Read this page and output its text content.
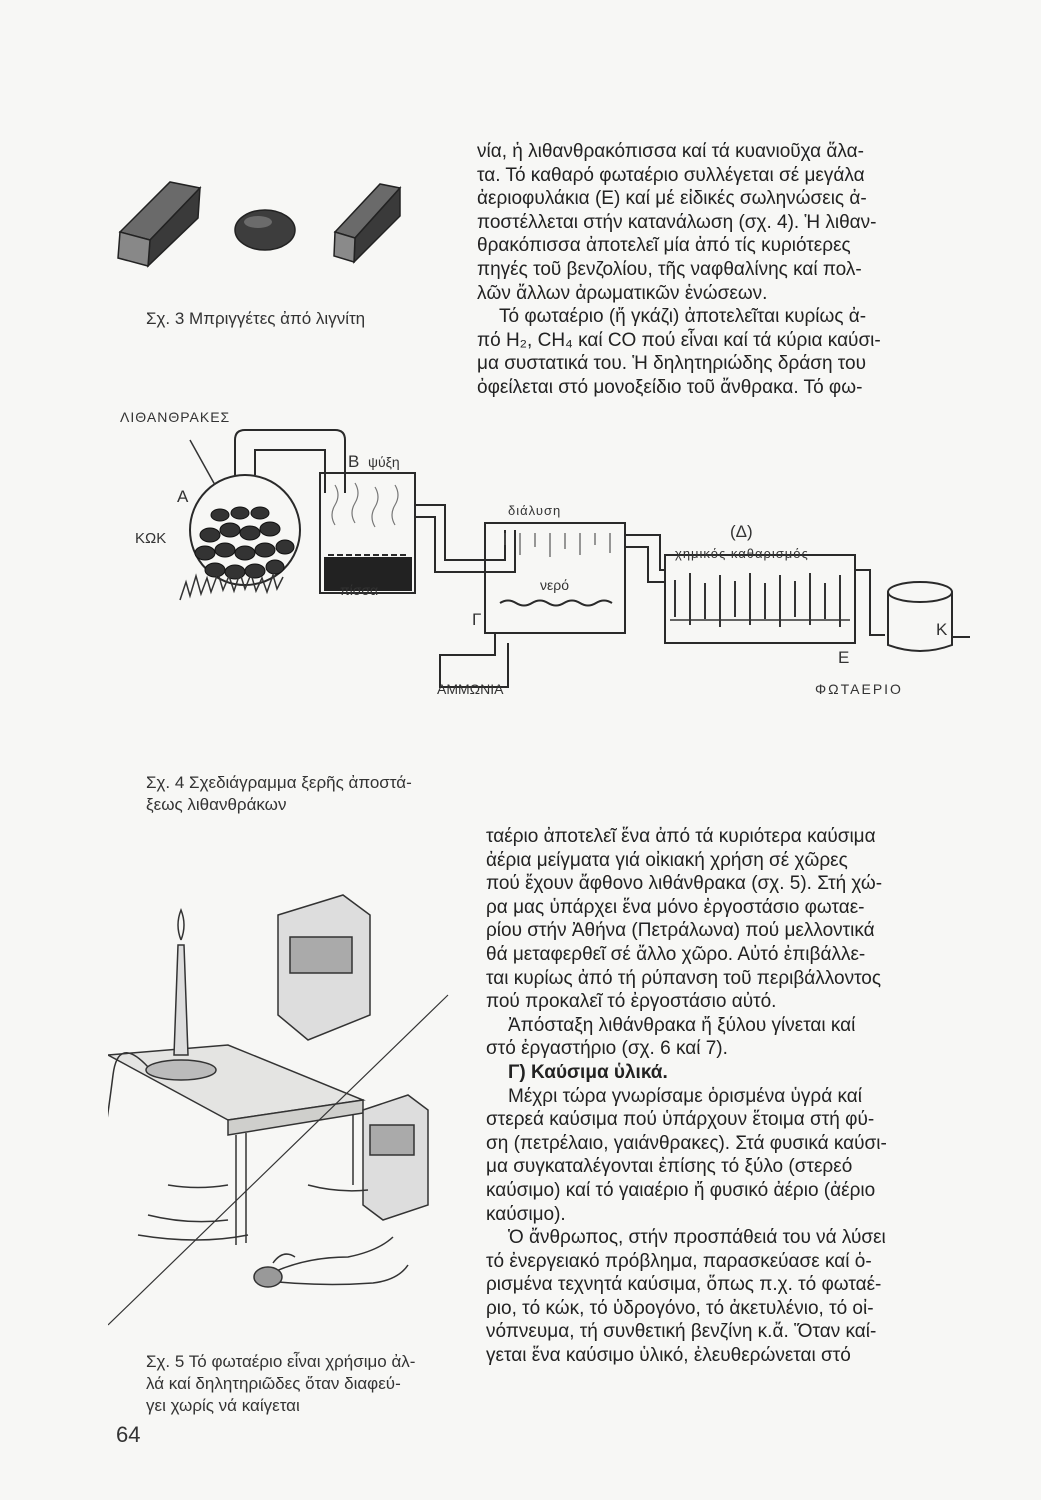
Σχ. 3 Μπριγγέτες ἀπό λιγνίτη
νία, ἡ λιθανθρακόπισσα καί τά κυανιοῦχα ἅλα-
τα. Τό καθαρό φωταέριο συλλέγεται σέ μεγάλα
ἀεριοφυλάκια (Ε) καί μέ εἰδικές σωληνώσεις ἀ-
ποστέλλεται στήν κατανάλωση (σχ. 4). Ἡ λιθαν-
θρακόπισσα ἀποτελεῖ μία ἀπό τίς κυριότερες
πηγές τοῦ βενζολίου, τῆς ναφθαλίνης καί πολ-
λῶν ἄλλων ἀρωματικῶν ἑνώσεων.
Τό φωταέριο (ἤ γκάζι) ἀποτελεῖται κυρίως ἀ-
πό H₂, CH₄ καί CO πού εἶναι καί τά κύρια καύσι-
μα συστατικά του. Ἡ δηλητηριώδης δράση του
ὀφείλεται στό μονοξείδιο τοῦ ἄνθρακα. Τό φω-
ΛΙΘΑΝΘΡΑΚΕΣ
Α
ΚΩΚ
Β ψύξη
πίσσα
διάλυση
νερό
Γ
ΑΜΜΩΝΙΑ
(Δ)
χημικός καθαρισμός
Ε
Κ
ΦΩΤΑΕΡΙΟ
Σχ. 4 Σχεδιάγραμμα ξερῆς ἀποστά-
ξεως λιθανθράκων
Σχ. 5 Τό φωταέριο εἶναι χρήσιμο ἀλ-
λά καί δηλητηριῶδες ὅταν διαφεύ-
γει χωρίς νά καίγεται
ταέριο ἀποτελεῖ ἕνα ἀπό τά κυριότερα καύσιμα
ἀέρια μείγματα γιά οἰκιακή χρήση σέ χῶρες
πού ἔχουν ἄφθονο λιθάνθρακα (σχ. 5). Στή χώ-
ρα μας ὑπάρχει ἕνα μόνο ἐργοστάσιο φωταε-
ρίου στήν Ἀθήνα (Πετράλωνα) πού μελλοντικά
θά μεταφερθεῖ σέ ἄλλο χῶρο. Αὐτό ἐπιβάλλε-
ται κυρίως ἀπό τή ρύπανση τοῦ περιβάλλοντος
πού προκαλεῖ τό ἐργοστάσιο αὐτό.
Ἀπόσταξη λιθάνθρακα ἤ ξύλου γίνεται καί
στό ἐργαστήριο (σχ. 6 καί 7).
Γ) Καύσιμα ὑλικά.
Μέχρι τώρα γνωρίσαμε ὁρισμένα ὑγρά καί
στερεά καύσιμα πού ὑπάρχουν ἕτοιμα στή φύ-
ση (πετρέλαιο, γαιάνθρακες). Στά φυσικά καύσι-
μα συγκαταλέγονται ἐπίσης τό ξύλο (στερεό
καύσιμο) καί τό γαιαέριο ἤ φυσικό ἀέριο (ἀέριο
καύσιμο).
Ὁ ἄνθρωπος, στήν προσπάθειά του νά λύσει
τό ἐνεργειακό πρόβλημα, παρασκεύασε καί ὁ-
ρισμένα τεχνητά καύσιμα, ὅπως π.χ. τό φωταέ-
ριο, τό κώκ, τό ὑδρογόνο, τό ἀκετυλένιο, τό οἰ-
νόπνευμα, τή συνθετική βενζίνη κ.ἄ. Ὅταν καί-
γεται ἕνα καύσιμο ὑλικό, ἐλευθερώνεται στό
64
